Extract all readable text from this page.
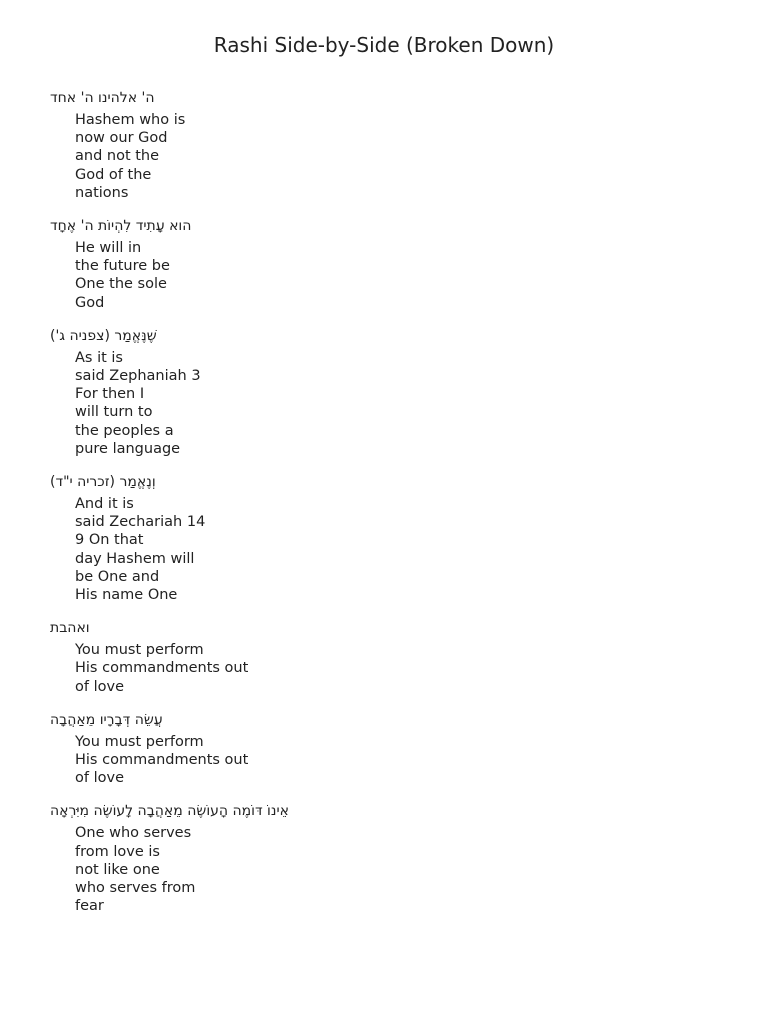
Rashi Side-by-Side (Broken Down)
ה' אלהינו ה' אחד
Hashem who is
now our God
and not the
God of the
nations
הוא עָתִיד לִהְיוֹת ה' אֶחָד
He will in
the future be
One the sole
God
שֶׁנֶּאֱמַר (צפניה ג')
As it is
said Zephaniah 3
For then I
will turn to
the peoples a
pure language
וְנֶאֱמַר (זכריה י"ד)
And it is
said Zechariah 14
9 On that
day Hashem will
be One and
His name One
ואהבת
You must perform
His commandments out
of love
עֲשֵׂה דְּבָרָיו מֵאַהֲבָה
You must perform
His commandments out
of love
אֵינוֹ דּוֹמֶה הָעוֹשֶׂה מֵאַהֲבָה לָעוֹשֶׂה מִיִּרְאָה
One who serves
from love is
not like one
who serves from
fear
